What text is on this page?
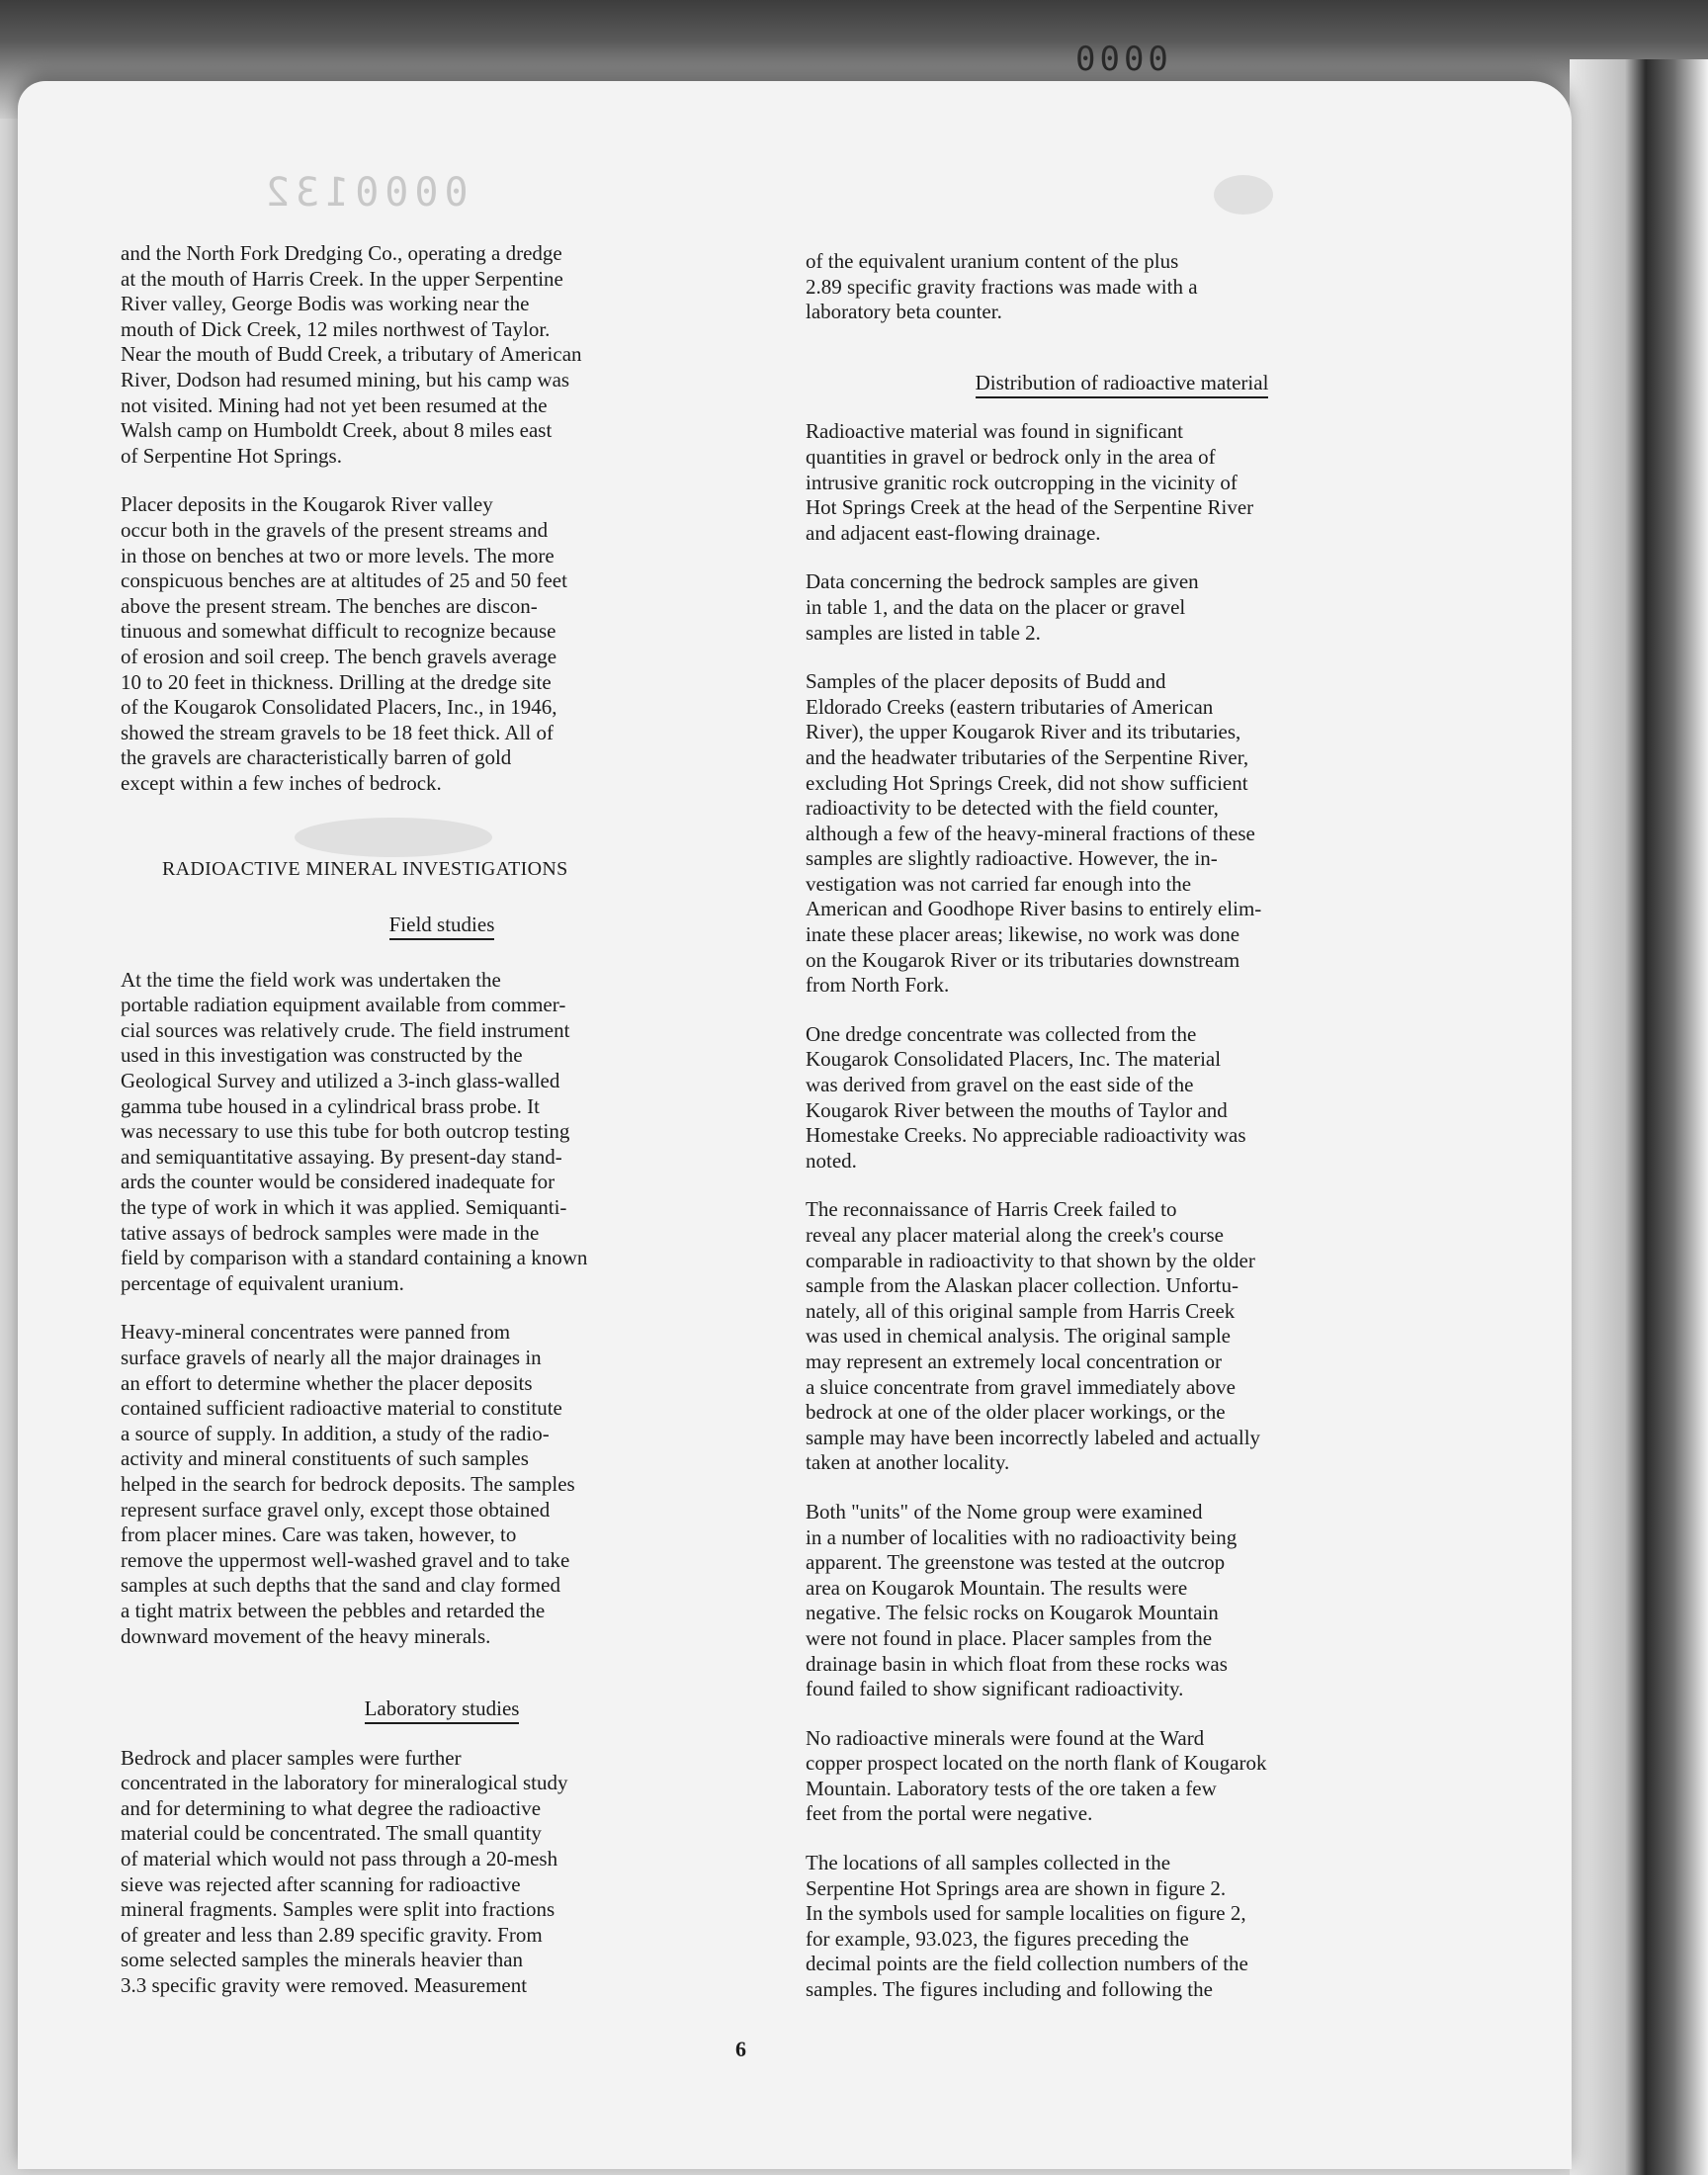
0000
0000132

and the North Fork Dredging Co., operating a dredge
at the mouth of Harris Creek. In the upper Serpentine
River valley, George Bodis was working near the
mouth of Dick Creek, 12 miles northwest of Taylor.
Near the mouth of Budd Creek, a tributary of American
River, Dodson had resumed mining, but his camp was
not visited. Mining had not yet been resumed at the
Walsh camp on Humboldt Creek, about 8 miles east
of Serpentine Hot Springs.

Placer deposits in the Kougarok River valley
occur both in the gravels of the present streams and
in those on benches at two or more levels. The more
conspicuous benches are at altitudes of 25 and 50 feet
above the present stream. The benches are discon-
tinuous and somewhat difficult to recognize because
of erosion and soil creep. The bench gravels average
10 to 20 feet in thickness. Drilling at the dredge site
of the Kougarok Consolidated Placers, Inc., in 1946,
showed the stream gravels to be 18 feet thick. All of
the gravels are characteristically barren of gold
except within a few inches of bedrock.

RADIOACTIVE MINERAL INVESTIGATIONS

Field studies

At the time the field work was undertaken the
portable radiation equipment available from commer-
cial sources was relatively crude. The field instrument
used in this investigation was constructed by the
Geological Survey and utilized a 3-inch glass-walled
gamma tube housed in a cylindrical brass probe. It
was necessary to use this tube for both outcrop testing
and semiquantitative assaying. By present-day stand-
ards the counter would be considered inadequate for
the type of work in which it was applied. Semiquanti-
tative assays of bedrock samples were made in the
field by comparison with a standard containing a known
percentage of equivalent uranium.

Heavy-mineral concentrates were panned from
surface gravels of nearly all the major drainages in
an effort to determine whether the placer deposits
contained sufficient radioactive material to constitute
a source of supply. In addition, a study of the radio-
activity and mineral constituents of such samples
helped in the search for bedrock deposits. The samples
represent surface gravel only, except those obtained
from placer mines. Care was taken, however, to
remove the uppermost well-washed gravel and to take
samples at such depths that the sand and clay formed
a tight matrix between the pebbles and retarded the
downward movement of the heavy minerals.

Laboratory studies

Bedrock and placer samples were further
concentrated in the laboratory for mineralogical study
and for determining to what degree the radioactive
material could be concentrated. The small quantity
of material which would not pass through a 20-mesh
sieve was rejected after scanning for radioactive
mineral fragments. Samples were split into fractions
of greater and less than 2.89 specific gravity. From
some selected samples the minerals heavier than
3.3 specific gravity were removed. Measurement

of the equivalent uranium content of the plus
2.89 specific gravity fractions was made with a
laboratory beta counter.

Distribution of radioactive material

Radioactive material was found in significant
quantities in gravel or bedrock only in the area of
intrusive granitic rock outcropping in the vicinity of
Hot Springs Creek at the head of the Serpentine River
and adjacent east-flowing drainage.

Data concerning the bedrock samples are given
in table 1, and the data on the placer or gravel
samples are listed in table 2.

Samples of the placer deposits of Budd and
Eldorado Creeks (eastern tributaries of American
River), the upper Kougarok River and its tributaries,
and the headwater tributaries of the Serpentine River,
excluding Hot Springs Creek, did not show sufficient
radioactivity to be detected with the field counter,
although a few of the heavy-mineral fractions of these
samples are slightly radioactive. However, the in-
vestigation was not carried far enough into the
American and Goodhope River basins to entirely elim-
inate these placer areas; likewise, no work was done
on the Kougarok River or its tributaries downstream
from North Fork.

One dredge concentrate was collected from the
Kougarok Consolidated Placers, Inc. The material
was derived from gravel on the east side of the
Kougarok River between the mouths of Taylor and
Homestake Creeks. No appreciable radioactivity was
noted.

The reconnaissance of Harris Creek failed to
reveal any placer material along the creek's course
comparable in radioactivity to that shown by the older
sample from the Alaskan placer collection. Unfortu-
nately, all of this original sample from Harris Creek
was used in chemical analysis. The original sample
may represent an extremely local concentration or
a sluice concentrate from gravel immediately above
bedrock at one of the older placer workings, or the
sample may have been incorrectly labeled and actually
taken at another locality.

Both "units" of the Nome group were examined
in a number of localities with no radioactivity being
apparent. The greenstone was tested at the outcrop
area on Kougarok Mountain. The results were
negative. The felsic rocks on Kougarok Mountain
were not found in place. Placer samples from the
drainage basin in which float from these rocks was
found failed to show significant radioactivity.

No radioactive minerals were found at the Ward
copper prospect located on the north flank of Kougarok
Mountain. Laboratory tests of the ore taken a few
feet from the portal were negative.

The locations of all samples collected in the
Serpentine Hot Springs area are shown in figure 2.
In the symbols used for sample localities on figure 2,
for example, 93.023, the figures preceding the
decimal points are the field collection numbers of the
samples. The figures including and following the

6
